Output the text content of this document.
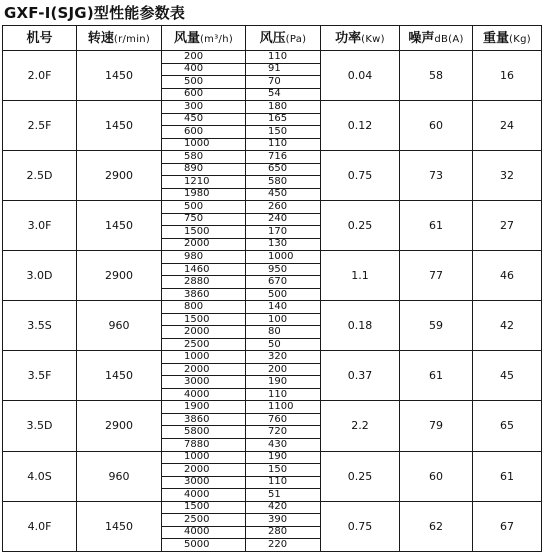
GXF-I(SJG)型性能参数表
机号	转速(r/min)	风量(m³/h)	风压(Pa)	功率(Kw)	噪声dB(A)	重量(Kg)
2.0F	1450	200	110	0.04	58	16
		400	91			
		500	70			
		600	54			
2.5F	1450	300	180	0.12	60	24
		450	165			
		600	150			
		1000	110			
2.5D	2900	580	716	0.75	73	32
		890	650			
		1210	580			
		1980	450			
3.0F	1450	500	260	0.25	61	27
		750	240			
		1500	170			
		2000	130			
3.0D	2900	980	1000	1.1	77	46
		1460	950			
		2880	670			
		3860	500			
3.5S	960	800	140	0.18	59	42
		1500	100			
		2000	80			
		2500	50			
3.5F	1450	1000	320	0.37	61	45
		2000	200			
		3000	190			
		4000	110			
3.5D	2900	1900	1100	2.2	79	65
		3860	760			
		5800	720			
		7880	430			
4.0S	960	1000	190	0.25	60	61
		2000	150			
		3000	110			
		4000	51			
4.0F	1450	1500	420	0.75	62	67
		2500	390			
		4000	280			
		5000	220			
